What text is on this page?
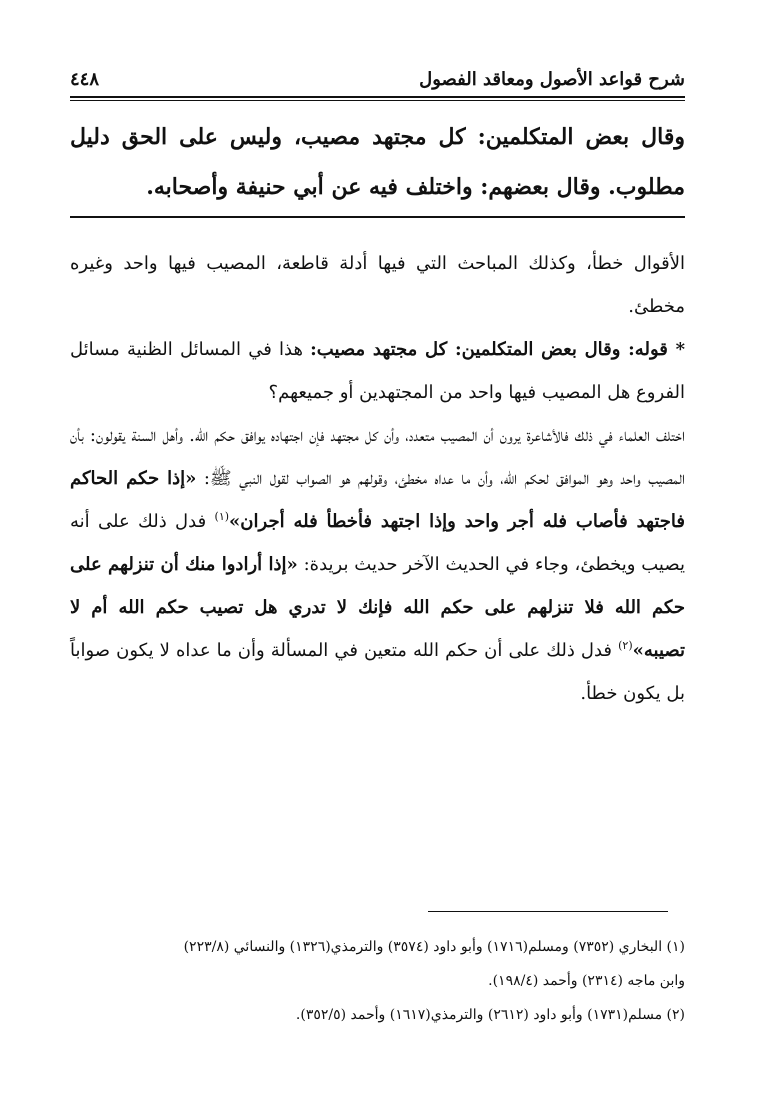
شرح قواعد الأصول ومعاقد الفصول
٤٤٨

وقال بعض المتكلمين: كل مجتهد مصيب، وليس على الحق دليل مطلوب. وقال بعضهم: واختلف فيه عن أبي حنيفة وأصحابه.

الأقوال خطأ، وكذلك المباحث التي فيها أدلة قاطعة، المصيب فيها واحد وغيره مخطئ.

* قوله: وقال بعض المتكلمين: كل مجتهد مصيب: هذا في المسائل الظنية مسائل الفروع هل المصيب فيها واحد من المجتهدين أو جميعهم؟

اختلف العلماء في ذلك فالأشاعرة يرون أن المصيب متعدد، وأن كل مجتهد فإن اجتهاده يوافق حكم الله. وأهل السنة يقولون: بأن المصيب واحد وهو الموافق لحكم الله، وأن ما عداه مخطئ، وقولهم هو الصواب لقول النبي ﷺ: «إذا حكم الحاكم فاجتهد فأصاب فله أجر واحد وإذا اجتهد فأخطأ فله أجران»$^{(١)}$ فدل ذلك على أنه يصيب ويخطئ، وجاء في الحديث الآخر حديث بريدة: «إذا أرادوا منك أن تنزلهم على حكم الله فلا تنزلهم على حكم الله فإنك لا تدري هل تصيب حكم الله أم لا تصيبه»$^{(٢)}$ فدل ذلك على أن حكم الله متعين في المسألة وأن ما عداه لا يكون صواباً بل يكون خطأ.

(١) البخاري (٧٣٥٢) ومسلم(١٧١٦) وأبو داود (٣٥٧٤) والترمذي(١٣٢٦) والنسائي (٢٢٣/٨)

وابن ماجه (٢٣١٤) وأحمد (١٩٨/٤).

(٢) مسلم(١٧٣١) وأبو داود (٢٦١٢) والترمذي(١٦١٧) وأحمد (٣٥٢/٥).
